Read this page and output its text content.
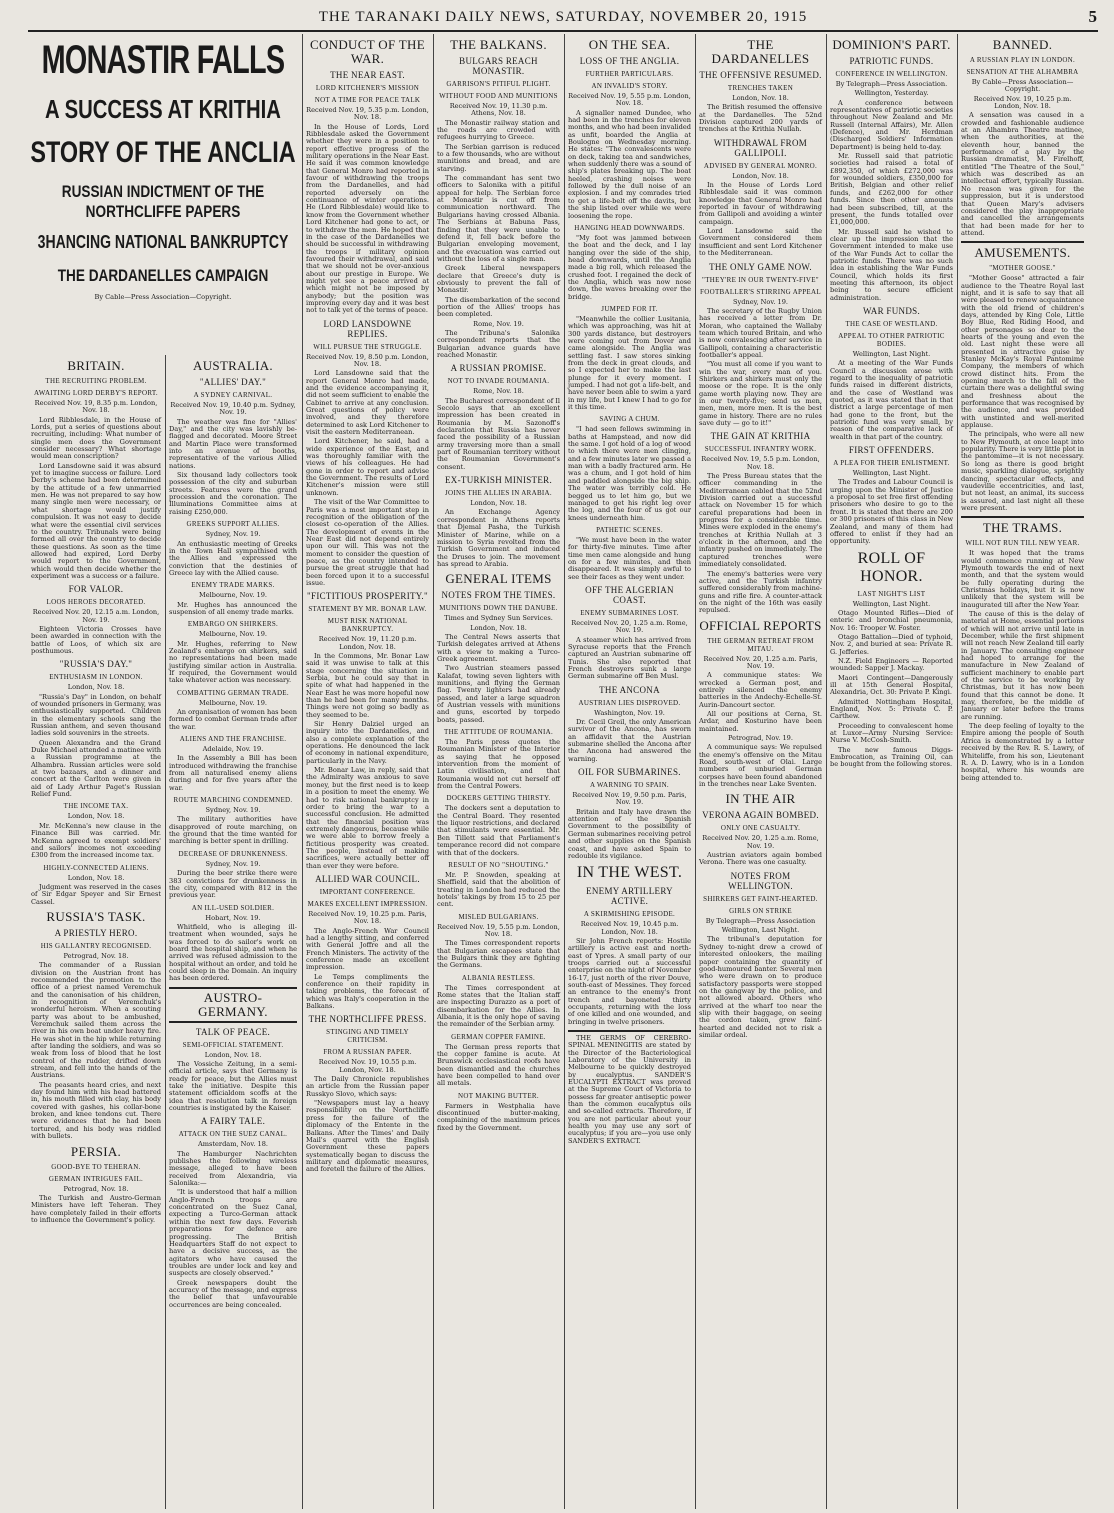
THE TARANAKI DAILY NEWS, SATURDAY, NOVEMBER 20, 1915	5
MONASTIR FALLS
A SUCCESS AT KRITHIA
STORY OF THE ANCLIA
RUSSIAN INDICTMENT OF THE NORTHCLIFFE PAPERS
3HANCING NATIONAL BANKRUPTCY
THE DARDANELLES CAMPAIGN
By Cable—Press Association—Copyright.
BRITAIN.
THE RECRUITING PROBLEM.
AWAITING LORD DERBY'S REPORT.
Received Nov. 19, 8.35 p.m. London, Nov. 18.

Lord Ribblesdale, in the House of Lords, put a series of questions about recruiting, including: What number of single men does the Government consider necessary? What shortage would mean conscription?

Lord Lansdowne said it was absurd yet to imagine success or failure. Lord Derby's scheme had been determined by the attitude of a few unmarried men. He was not prepared to say how many single men were necessary, or what shortage would justify compulsion. It was not easy to decide what were the essential civil services to the country. Tribunals were being formed all over the country to decide these questions. As soon as the time allowed had expired, Lord Derby would report to the Government, which would then decide whether the experiment was a success or a failure.

FOR VALOR.
LOOS HEROES DECORATED.
Received Nov. 20, 12.15 a.m. London, Nov. 19.

Eighteen Victoria Crosses have been awarded in connection with the battle of Loos, of which six are posthumous.

"RUSSIA'S DAY."
ENTHUSIASM IN LONDON.
London, Nov. 18.

"Russia's Day" in London, on behalf of wounded prisoners in Germany, was enthusiastically supported. Children in the elementary schools sang the Russian anthem, and seven thousand ladies sold souvenirs in the streets.

Queen Alexandra and the Grand Duke Michael attended a matinee with a Russian programme at the Alhambra. Russian articles were sold at two bazaars, and a dinner and concert at the Carlton were given in aid of Lady Arthur Paget's Russian Relief Fund.

THE INCOME TAX.
London, Nov. 18.

Mr. McKenna's new clause in the Finance Bill was carried. Mr. McKenna agreed to exempt soldiers' and sailors' incomes not exceeding £300 from the increased income tax.

HIGHLY-CONNECTED ALIENS.
London, Nov. 18.

Judgment was reserved in the cases of Sir Edgar Speyer and Sir Ernest Cassel.

RUSSIA'S TASK.
A PRIESTLY HERO.
HIS GALLANTRY RECOGNISED.
Petrograd, Nov. 18.

The commander of a Russian division on the Austrian front has recommended the promotion to the office of a priest named Veremchuk and the canonisation of his children, in recognition of Veremchuk's wonderful heroism. When a scouting party was about to be ambushed, Veremchuk sailed them across the river in his own boat under heavy fire. He was shot in the hip while returning after landing the soldiers, and was so weak from loss of blood that he lost control of the rudder, drifted down stream, and fell into the hands of the Austrians.

The peasants heard cries, and next day found him with his head battered in, his mouth filled with clay, his body covered with gashes, his collar-bone broken, and knee tendons cut. There were evidences that he had been tortured, and his body was riddled with bullets.

PERSIA.
GOOD-BYE TO TEHERAN.
GERMAN INTRIGUES FAIL.
Petrograd, Nov. 18.

The Turkish and Austro-German Ministers have left Teheran. They have completely failed in their efforts to influence the Government's policy.

AUSTRALIA.
"ALLIES' DAY."
A SYDNEY CARNIVAL.
Received Nov. 19, 10.40 p.m. Sydney, Nov. 19.

The weather was fine for "Allies' Day," and the city was lavishly be-flagged and decorated. Moore Street and Martin Place were transformed into an avenue of booths, representative of the various Allied nations.

Six thousand lady collectors took possession of the city and suburban streets. Features were the grand procession and the coronation. The Illuminations Committee aims at raising £250,000.

GREEKS SUPPORT ALLIES.
Sydney, Nov. 19.

An enthusiastic meeting of Greeks in the Town Hall sympathised with the Allies and expressed the conviction that the destinies of Greece lay with the Allied cause.

ENEMY TRADE MARKS.
Melbourne, Nov. 19.

Mr. Hughes has announced the suspension of all enemy trade marks.

EMBARGO ON SHIRKERS.
Melbourne, Nov. 19.

Mr. Hughes, referring to New Zealand's embargo on shirkers, said no representations had been made justifying similar action in Australia. If required, the Government would take whatever action was necessary.

COMBATTING GERMAN TRADE.
Melbourne, Nov. 19.

An organisation of women has been formed to combat German trade after the war.

ALIENS AND THE FRANCHISE.
Adelaide, Nov. 19.

In the Assembly a Bill has been introduced withdrawing the franchise from all naturalised enemy aliens during and for five years after the war.

ROUTE MARCHING CONDEMNED.
Sydney, Nov. 19.

The military authorities have disapproved of route marching, on the ground that the time wanted for marching is better spent in drilling.

DECREASE OF DRUNKENNESS.
Sydney, Nov. 19.

During the beer strike there were 383 convictions for drunkenness in the city, compared with 812 in the previous year.

AN ILL-USED SOLDIER.
Hobart, Nov. 19.

Whitfield, who is alleging ill-treatment when wounded, says he was forced to do sailor's work on board the hospital ship, and when he arrived was refused admission to the hospital without an order, and told he could sleep in the Domain. An inquiry has been ordered.

AUSTRO-GERMANY.
TALK OF PEACE.
SEMI-OFFICIAL STATEMENT.
London, Nov. 18.

The Vossiche Zeitung, in a semi-official article, says that Germany is ready for peace, but the Allies must take the initiative. Despite this statement officialdom scoffs at the idea that resolution talk in foreign countries is instigated by the Kaiser.

A FAIRY TALE.
ATTACK ON THE SUEZ CANAL.
Amsterdam, Nov. 18.

The Hamburger Nachrichten publishes the following wireless message, alleged to have been received from Alexandria, via Salonika:—

"It is understood that half a million Anglo-French troops are concentrated on the Suez Canal, expecting a Turco-German attack within the next few days. Feverish preparations for defence are progressing. The British Headquarters Staff do not expect to have a decisive success, as the agitators who have caused the troubles are under lock and key and suspects are closely observed."

Greek newspapers doubt the accuracy of the message, and express the belief that unfavourable occurrences are being concealed.

CONDUCT OF THE WAR.
THE NEAR EAST.
LORD KITCHENER'S MISSION
NOT A TIME FOR PEACE TALK
Received Nov. 19, 5.35 p.m. London, Nov. 18.

In the House of Lords, Lord Ribblesdale asked the Government whether they were in a position to report effective progress of the military operations in the Near East. He said it was common knowledge that General Monro had reported in favour of withdrawing the troops from the Dardanelles, and had reported adversely on the continuance of winter operations. He (Lord Ribblesdale) would like to know from the Government whether Lord Kitchener had gone to act, or to withdraw the men. He hoped that in the case of the Dardanelles we should be successful in withdrawing the troops if military opinion favoured their withdrawal, and said that we should not be over-anxious about our prestige in Europe. We might yet see a peace arrived at which might not be imposed by anybody; but the position was improving every day and it was best not to talk yet of the terms of peace.

LORD LANSDOWNE REPLIES.
WILL PURSUE THE STRUGGLE.
Received Nov. 19, 8.50 p.m. London, Nov. 18.

Lord Lansdowne said that the report General Monro had made, and the evidence accompanying it, did not seem sufficient to enable the Cabinet to arrive at any conclusion. Great questions of policy were involved, and they therefore determined to ask Lord Kitchener to visit the eastern Mediterranean.

Lord Kitchener, he said, had a wide experience of the East, and was thoroughly familiar with the views of his colleagues. He had gone in order to report and advise the Government. The results of Lord Kitchener's mission were still unknown.

The visit of the War Committee to Paris was a most important step in recognition of the obligation of the closest co-operation of the Allies. The development of events in the Near East did not depend entirely upon our will. This was not the moment to consider the question of peace, as the country intended to pursue the great struggle that had been forced upon it to a successful issue.

"FICTITIOUS PROSPERITY."
STATEMENT BY MR. BONAR LAW.
MUST RISK NATIONAL BANKRUPTCY.
Received Nov. 19, 11.20 p.m. London, Nov. 18.

In the Commons, Mr. Bonar Law said it was unwise to talk at this stage concerning the situation in Serbia, but he could say that in spite of what had happened in the Near East he was more hopeful now than he had been for many months. Things were not going so badly as they seemed to be.

Sir Henry Dalziel urged an inquiry into the Dardanelles, and also a complete explanation of the operations. He denounced the lack of economy in national expenditure, particularly in the Navy.

Mr. Bonar Law, in reply, said that the Admiralty was anxious to save money, but the first need is to keep in a position to meet the enemy. We had to risk national bankruptcy in order to bring the war to a successful conclusion. He admitted that the financial position was extremely dangerous, because while we were able to borrow freely a fictitious prosperity was created. The people, instead of making sacrifices, were actually better off than ever they were before.

ALLIED WAR COUNCIL.
IMPORTANT CONFERENCE.
MAKES EXCELLENT IMPRESSION.
Received Nov. 19, 10.25 p.m. Paris, Nov. 18.

The Anglo-French War Council had a lengthy sitting, and conferred with General Joffre and all the French Ministers. The activity of the conference made an excellent impression.

Le Temps compliments the conference on their rapidity in taking problems, the forecast of which was Italy's cooperation in the Balkans.

THE NORTHCLIFFE PRESS.
STINGING AND TIMELY CRITICISM.
FROM A RUSSIAN PAPER.
Received Nov. 19, 10.55 p.m. London, Nov. 18.

The Daily Chronicle republishes an article from the Russian paper Russkyo Slovo, which says:

"Newspapers must lay a heavy responsibility on the Northcliffe press for the failure of the diplomacy of the Entente in the Balkans. After the Times' and Daily Mail's quarrel with the English Government these papers systematically began to discuss the military and diplomatic measures, and foretell the failure of the Allies.

THE BALKANS.
BULGARS REACH MONASTIR.
GARRISON'S PITIFUL PLIGHT.
WITHOUT FOOD AND MUNITIONS
Received Nov. 19, 11.30 p.m. Athens, Nov. 18.

The Monastir railway station and the roads are crowded with refugees hurrying to Greece.

The Serbian garrison is reduced to a few thousands, who are without munitions and bread, and are starving.

The commandant has sent two officers to Salonika with a pitiful appeal for help. The Serbian force at Monastir is cut off from communication northward. The Bulgarians having crossed Albania. The Serbians at Babuna Pass, finding that they were unable to defend it, fell back before the Bulgarian enveloping movement, and the evacuation was carried out without the loss of a single man.

Greek Liberal newspapers declare that Greece's duty is obviously to prevent the fall of Monastir.

The disembarkation of the second portion of the Allies' troops has been completed.

Rome, Nov. 19.

The Tribuna's Salonika correspondent reports that the Bulgarian advance guards have reached Monastir.

A RUSSIAN PROMISE.
NOT TO INVADE ROUMANIA.
Rome, Nov. 18.

The Bucharest correspondent of Il Secolo says that an excellent impression has been created in Roumania by M. Sazonoff's declaration that Russia has never faced the possibility of a Russian army traversing more than a small part of Roumanian territory without the Roumanian Government's consent.

EX-TURKISH MINISTER.
JOINS THE ALLIES IN ARABIA.
London, Nov. 18.

An Exchange Agency correspondent in Athens reports that Djemal Pasha, the Turkish Minister of Marine, while on a mission to Syria revolted from the Turkish Government and induced the Druses to join. The movement has spread to Arabia.

GENERAL ITEMS
NOTES FROM THE TIMES.
MUNITIONS DOWN THE DANUBE.
Times and Sydney Sun Services.
London, Nov. 18.

The Central News asserts that Turkish delegates arrived at Athens with a view to making a Turco-Greek agreement.

Two Austrian steamers passed Kalafat, towing seven lighters with munitions, and flying the German flag. Twenty lighters had already passed, and later a large squadron of Austrian vessels with munitions and guns, escorted by torpedo boats, passed.

THE ATTITUDE OF ROUMANIA.

The Paris press quotes the Roumanian Minister of the Interior as saying that he opposed intervention from the moment of Latin civilisation, and that Roumania would not cut herself off from the Central Powers.

DOCKERS GETTING THIRSTY.

The dockers sent a deputation to the Central Board. They resented the liquor restrictions, and declared that stimulants were essential. Mr. Ben Tillett said that Parliament's temperance record did not compare with that of the dockers.

RESULT OF NO "SHOUTING."

Mr. P. Snowden, speaking at Sheffield, said that the abolition of treating in London had reduced the hotels' takings by from 15 to 25 per cent.

MISLED BULGARIANS.
Received Nov. 19, 5.55 p.m. London, Nov. 18.

The Times correspondent reports that Bulgarian escapees state that the Bulgars think they are fighting the Germans.

ALBANIA RESTLESS.

The Times correspondent at Rome states that the Italian staff are inspecting Durazzo as a port of disembarkation for the Allies. In Albania, it is the only hope of saving the remainder of the Serbian army.

GERMAN COPPER FAMINE.

The German press reports that the copper famine is acute. At Brunswick ecclesiastical roofs have been dismantled and the churches have been compelled to hand over all metals.

NOT MAKING BUTTER.

Farmers in Westphalia have discontinued butter-making, complaining of the maximum prices fixed by the Government.

ON THE SEA.
LOSS OF THE ANGLIA.
FURTHER PARTICULARS.
AN INVALID'S STORY.
Received Nov. 19, 5.55 p.m. London, Nov. 18.

A signaller named Dundee, who had been in the trenches for eleven months, and who had been invalided as unfit, boarded the Anglia at Boulogne on Wednesday morning. He states: "The convalescents were on deck, taking tea and sandwiches, when suddenly there was a sound of ship's plates breaking up. The boat heeled, crashing noises were followed by the dull noise of an explosion. I and my comrades tried to get a life-belt off the davits, but the ship listed over while we were loosening the rope.

HANGING HEAD DOWNWARDS.

"My foot was jammed between the boat and the deck, and I lay hanging over the side of the ship, head downwards, until the Anglia made a big roll, which released the crushed foot. I regained the deck of the Anglia, which was now nose down, the waves breaking over the bridge.

JUMPED FOR IT.

"Meanwhile the collier Lusitania, which was approaching, was hit at 300 yards distance, but destroyers were coming out from Dover and came alongside. The Anglia was settling fast. I saw stores sinking from the deck in great clouds, and so I expected her to make the last plunge for it every moment. I jumped. I had not got a life-belt, and have never been able to swim a yard in my life, but I knew I had to go for it this time.

SAVING A CHUM.

"I had seen fellows swimming in baths at Hampstead, and now did the same. I got hold of a log of wood to which there were men clinging, and a few minutes later we passed a man with a badly fractured arm. He was a chum, and I got hold of him and paddled alongside the big ship. The water was terribly cold. He begged us to let him go, but we managed to get his right leg over the log, and the four of us got our knees underneath him.

PATHETIC SCENES.

"We must have been in the water for thirty-five minutes. Time after time men came alongside and hung on for a few minutes, and then disappeared. It was simply awful to see their faces as they went under.

OFF THE ALGERIAN COAST.
ENEMY SUBMARINES LOST.
Received Nov. 20, 1.25 a.m. Rome, Nov. 19.

A steamer which has arrived from Syracuse reports that the French captured an Austrian submarine off Tunis. She also reported that French destroyers sunk a large German submarine off Ben Musl.

THE ANCONA
AUSTRIAN LIES DISPROVED.
Washington, Nov. 19.

Dr. Cecil Greil, the only American survivor of the Ancona, has sworn an affidavit that the Austrian submarine shelled the Ancona after the Ancona had answered the warning.

OIL FOR SUBMARINES.
A WARNING TO SPAIN.
Received Nov. 19, 9.50 p.m. Paris, Nov. 19.

Britain and Italy have drawn the attention of the Spanish Government to the possibility of German submarines receiving petrol and other supplies on the Spanish coast, and have asked Spain to redouble its vigilance.

IN THE WEST.
ENEMY ARTILLERY ACTIVE.
A SKIRMISHING EPISODE.
Received Nov. 19, 10.45 p.m. London, Nov. 18.

Sir John French reports: Hostile artillery is active east and north-east of Ypres. A small party of our troops carried out a successful enterprise on the night of November 16-17, just north of the river Douve, south-east of Messines. They forced an entrance to the enemy's front trench and bayoneted thirty occupants, returning with the loss of one killed and one wounded, and bringing in twelve prisoners.

THE GERMS OF CEREBRO-SPINAL MENINGITIS are stated by the Director of the Bacteriological Laboratory of the University in Melbourne to be quickly destroyed by eucalyptus. SANDER'S EUCALYPTI EXTRACT was proved at the Supreme Court of Victoria to possess far greater antiseptic power than the common eucalyptus oils and so-called extracts. Therefore, if you are not particular about your health you may use any sort of eucalyptus; if you are—you use only SANDER'S EXTRACT.

THE DARDANELLES
THE OFFENSIVE RESUMED.
TRENCHES TAKEN
London, Nov. 18.

The British resumed the offensive at the Dardanelles. The 52nd Division captured 200 yards of trenches at the Krithia Nullah.

WITHDRAWAL FROM GALLIPOLI.
ADVISED BY GENERAL MONRO.
London, Nov. 18.

In the House of Lords Lord Ribblesdale said it was common knowledge that General Monro had reported in favour of withdrawing from Gallipoli and avoiding a winter campaign.

Lord Lansdowne said the Government considered them insufficient and sent Lord Kitchener to the Mediterranean.

THE ONLY GAME NOW.
"THEY'RE IN OUR TWENTY-FIVE"
FOOTBALLER'S STIRRING APPEAL
Sydney, Nov. 19.

The secretary of the Rugby Union has received a letter from Dr. Moran, who captained the Wallaby team which toured Britain, and who is now convalescing after service in Gallipoli, containing a characteristic footballer's appeal.

"You must all come if you want to win the war, every man of you. Shirkers and shirkers must only the moose or the rope. It is the only game worth playing now. They are in our twenty-five; send us men, men, men, more men. It is the best game in history. There are no rules save duty — go to it!"

THE GAIN AT KRITHIA
SUCCESSFUL INFANTRY WORK.
Received Nov. 19, 5.5 p.m. London, Nov. 18.

The Press Bureau states that the officer commanding in the Mediterranean cabled that the 52nd Division carried out a successful attack on November 15 for which careful preparations had been in progress for a considerable time. Mines were exploded in the enemy's trenches at Krithia Nullah at 3 o'clock in the afternoon, and the infantry pushed on immediately. The captured trenches were immediately consolidated.

The enemy's batteries were very active, and the Turkish infantry suffered considerably from machine-guns and rifle fire. A counter-attack on the night of the 16th was easily repulsed.

OFFICIAL REPORTS
THE GERMAN RETREAT FROM MITAU.
Received Nov. 20, 1.25 a.m. Paris, Nov. 19.

A communique states: We wrecked a German post, and entirely silenced the enemy batteries in the Andechy-Echelle-St. Aurin-Dancourt sector.

All our positions at Cerna, St. Ardar, and Kosturino have been maintained.

Petrograd, Nov. 19.

A communique says: We repulsed the enemy's offensive on the Mitau Road, south-west of Olai. Large numbers of unburied German corpses have been found abandoned in the trenches near Lake Sventen.

IN THE AIR
VERONA AGAIN BOMBED.
ONLY ONE CASUALTY.
Received Nov. 20, 1.25 a.m. Rome, Nov. 19.

Austrian aviators again bombed Verona. There was one casualty.

NOTES FROM WELLINGTON.
SHIRKERS GET FAINT-HEARTED.
GIRLS ON STRIKE
By Telegraph—Press Association
Wellington, Last Night.

The tribunal's deputation for Sydney to-night drew a crowd of interested onlookers, the mailing paper containing the quantity of good-humoured banter. Several men who were drawn on to produce satisfactory passports were stopped on the gangway by the police, and not allowed aboard. Others who arrived at the wharf too near the slip with their baggage, on seeing the cordon taken, grew faint-hearted and decided not to risk a similar ordeal.

DOMINION'S PART.
PATRIOTIC FUNDS.
CONFERENCE IN WELLINGTON.
By Telegraph—Press Association.
Wellington, Yesterday.

A conference between representatives of patriotic societies throughout New Zealand and Mr. Russell (Internal Affairs), Mr. Allen (Defence), and Mr. Herdman (Discharged Soldiers' Information Department) is being held to-day.

Mr. Russell said that patriotic societies had raised a total of £892,350, of which £272,000 was for wounded soldiers, £350,000 for British, Belgian and other relief funds, and £262,000 for other funds. Since then other amounts had been subscribed, till, at the present, the funds totalled over £1,000,000.

Mr. Russell said he wished to clear up the impression that the Government intended to make use of the War Funds Act to collar the patriotic funds. There was no such idea in establishing the War Funds Council, which holds its first meeting this afternoon, its object being to secure efficient administration.

WAR FUNDS.
THE CASE OF WESTLAND.
APPEAL TO OTHER PATRIOTIC BODIES.
Wellington, Last Night.

At a meeting of the War Funds Council a discussion arose with regard to the inequality of patriotic funds raised in different districts, and the case of Westland was quoted, as it was stated that in that district a large percentage of men had gone to the front, but the patriotic fund was very small, by reason of the comparative lack of wealth in that part of the country.

FIRST OFFENDERS.
A PLEA FOR THEIR ENLISTMENT.
Wellington, Last Night.

The Trades and Labour Council is urging upon the Minister of Justice a proposal to set free first offending prisoners who desire to go to the front. It is stated that there are 200 or 300 prisoners of this class in New Zealand, and many of them had offered to enlist if they had an opportunity.

ROLL OF HONOR.
LAST NIGHT'S LIST
Wellington, Last Night.

Otago Mounted Rifles—Died of enteric and bronchial pneumonia, Nov. 16: Trooper W. Foster.

Otago Battalion—Died of typhoid, Nov. 2, and buried at sea: Private R. G. Jefferies.

N.Z. Field Engineers — Reported wounded: Sapper J. Mackay.

Maori Contingent—Dangerously ill at 15th General Hospital, Alexandria, Oct. 30: Private P. Kingi.

Admitted Nottingham Hospital, England, Nov. 5: Private C. P. Carthew.

Proceeding to convalescent home at Luxor—Army Nursing Service: Nurse V. McCosh-Smith.

The new famous Diggs-Embrocation, as Training Oil, can be bought from the following stores.

BANNED.
A RUSSIAN PLAY IN LONDON.
SENSATION AT THE ALHAMBRA
By Cable—Press Association—Copyright.
Received Nov. 19, 10.25 p.m. London, Nov. 18.

A sensation was caused in a crowded and fashionable audience at an Alhambra Theatre matinee, when the authorities, at the eleventh hour, banned the performance of a play by the Russian dramatist, M. Firelhoff, entitled "The Theatre of the Soul," which was described as an intellectual effort, typically Russian. No reason was given for the suppression, but it is understood that Queen Mary's advisers considered the play inappropriate and cancelled the arrangements that had been made for her to attend.

AMUSEMENTS.
"MOTHER GOOSE."

"Mother Goose" attracted a fair audience to the Theatre Royal last night, and it is safe to say that all were pleased to renew acquaintance with the old friend of children's days, attended by King Cole, Little Boy Blue, Red Riding Hood, and other personages so dear to the hearts of the young and even the old. Last night these were all presented in attractive guise by Stanley McKay's Royal Pantomime Company, the members of which crowd distinct hits. From the opening march to the fall of the curtain there was a delightful swing and freshness about the performance that was recognised by the audience, and was provided with unstinted and well-merited applause.

The principals, who were all new to New Plymouth, at once leapt into popularity. There is very little plot in the pantomime—it is not necessary. So long as there is good bright music, sparkling dialogue, sprightly dancing, spectacular effects, and vaudeville eccentricities, and last, but not least, an animal, its success is assured, and last night all these were present.

THE TRAMS.
WILL NOT RUN TILL NEW YEAR.

It was hoped that the trams would commence running at New Plymouth towards the end of next month, and that the system would be fully operating during the Christmas holidays, but it is now unlikely that the system will be inaugurated till after the New Year.

The cause of this is the delay of material at Home, essential portions of which will not arrive until late in December, while the first shipment will not reach New Zealand till early in January. The consulting engineer had hoped to arrange for the manufacture in New Zealand of sufficient machinery to enable part of the service to be working by Christmas, but it has now been found that this cannot be done. It may, therefore, be the middle of January or later before the trams are running.

The deep feeling of loyalty to the Empire among the people of South Africa is demonstrated by a letter received by the Rev. R. S. Lawry, of Whiteliffe, from his son, Lieutenant R. A. D. Lawry, who is in a London hospital, where his wounds are being attended to.
